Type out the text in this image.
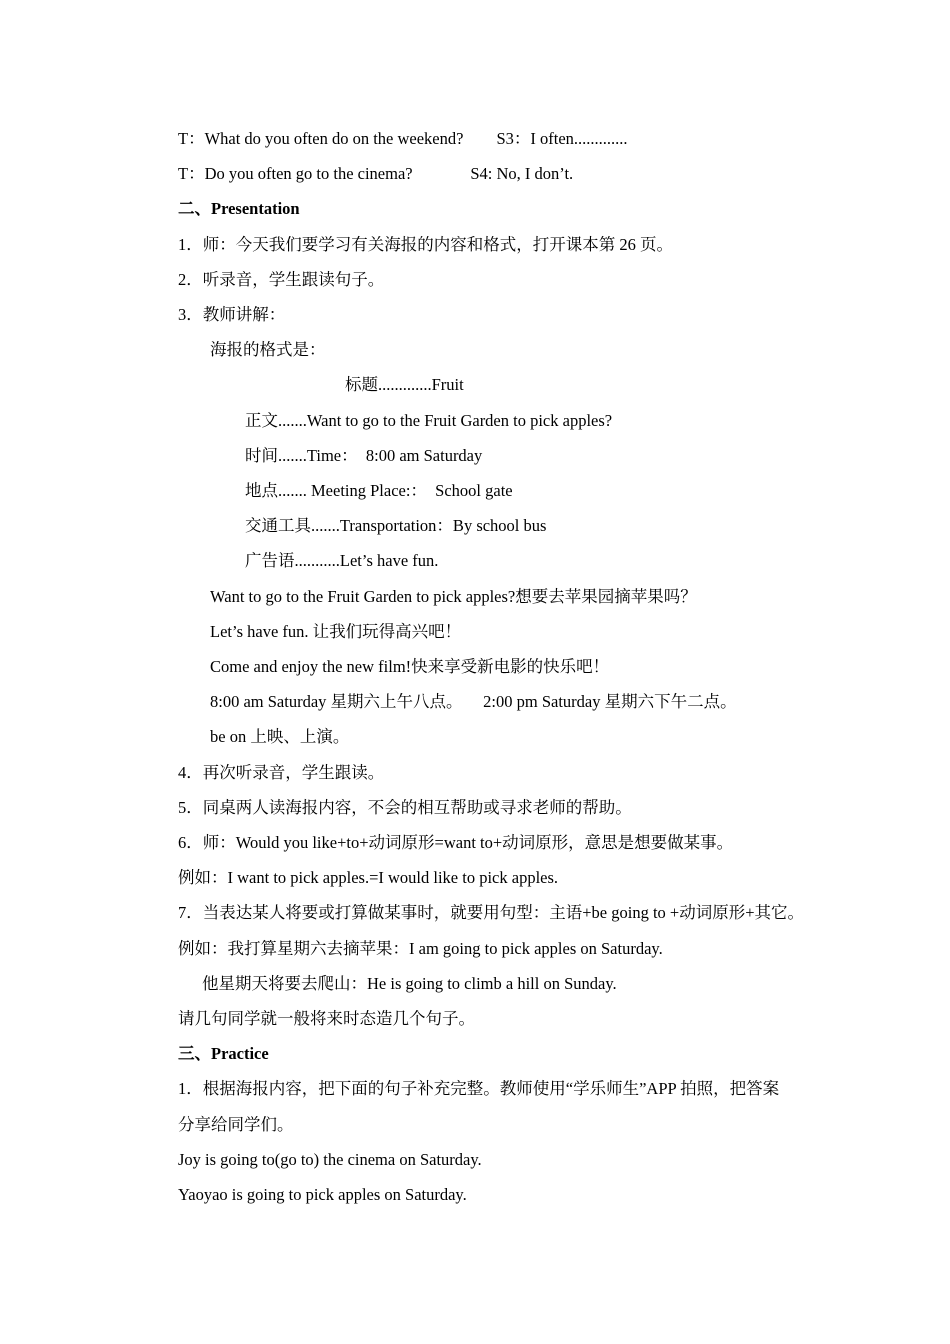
T：What do you often do on the weekend?        S3：I often.............

T：Do you often go to the cinema?              S4: No, I don’t.

二、Presentation

1．师：今天我们要学习有关海报的内容和格式，打开课本第 26 页。

2．听录音，学生跟读句子。

3．教师讲解：

海报的格式是：

标题.............Fruit

正文.......Want to go to the Fruit Garden to pick apples?

时间.......Time：  8:00 am Saturday

地点....... Meeting Place:：  School gate

交通工具.......Transportation：By school bus

广告语...........Let’s have fun.

Want to go to the Fruit Garden to pick apples?想要去苹果园摘苹果吗？

Let’s have fun. 让我们玩得高兴吧！

Come and enjoy the new film!快来享受新电影的快乐吧！

8:00 am Saturday 星期六上午八点。     2:00 pm Saturday 星期六下午二点。

be on 上映、上演。

4．再次听录音，学生跟读。

5．同桌两人读海报内容，不会的相互帮助或寻求老师的帮助。

6．师：Would you like+to+动词原形=want to+动词原形，意思是想要做某事。

例如：I want to pick apples.=I would like to pick apples.

7．当表达某人将要或打算做某事时，就要用句型：主语+be going to +动词原形+其它。

例如：我打算星期六去摘苹果：I am going to pick apples on Saturday.

他星期天将要去爬山：He is going to climb a hill on Sunday.

请几句同学就一般将来时态造几个句子。

三、Practice

1．根据海报内容，把下面的句子补充完整。教师使用“学乐师生”APP 拍照，把答案

分享给同学们。

Joy is going to(go to) the cinema on Saturday.

Yaoyao is going to pick apples on Saturday.
